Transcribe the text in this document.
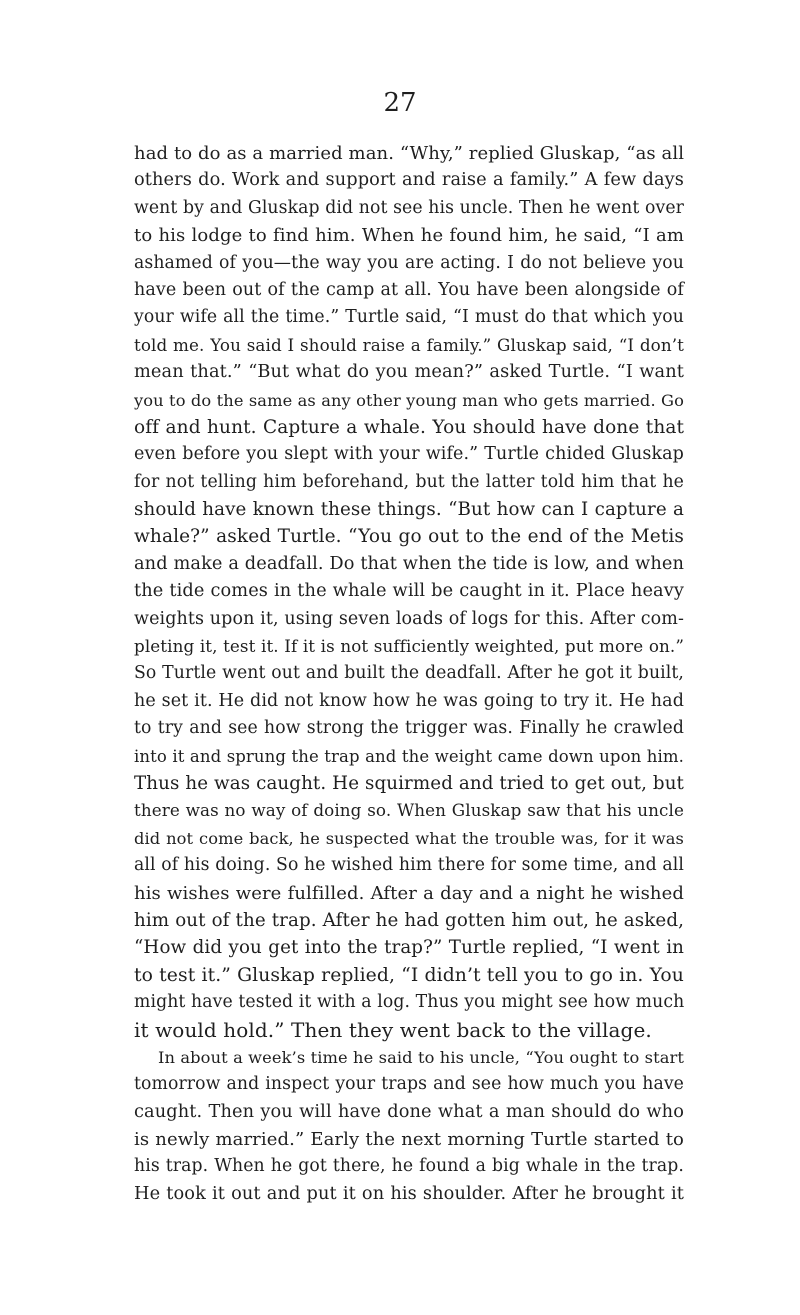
27

had to do as a married man. “Why,” replied Gluskap, “as all
others do. Work and support and raise a family.” A few days
went by and Gluskap did not see his uncle. Then he went over
to his lodge to find him. When he found him, he said, “I am
ashamed of you—the way you are acting. I do not believe you
have been out of the camp at all. You have been alongside of
your wife all the time.” Turtle said, “I must do that which you
told me. You said I should raise a family.” Gluskap said, “I don’t
mean that.” “But what do you mean?” asked Turtle. “I want
you to do the same as any other young man who gets married. Go
off and hunt. Capture a whale. You should have done that
even before you slept with your wife.” Turtle chided Gluskap
for not telling him beforehand, but the latter told him that he
should have known these things. “But how can I capture a
whale?” asked Turtle. “You go out to the end of the Metis
and make a deadfall. Do that when the tide is low, and when
the tide comes in the whale will be caught in it. Place heavy
weights upon it, using seven loads of logs for this. After com-
pleting it, test it. If it is not sufficiently weighted, put more on.”
So Turtle went out and built the deadfall. After he got it built,
he set it. He did not know how he was going to try it. He had
to try and see how strong the trigger was. Finally he crawled
into it and sprung the trap and the weight came down upon him.
Thus he was caught. He squirmed and tried to get out, but
there was no way of doing so. When Gluskap saw that his uncle
did not come back, he suspected what the trouble was, for it was
all of his doing. So he wished him there for some time, and all
his wishes were fulfilled. After a day and a night he wished
him out of the trap. After he had gotten him out, he asked,
“How did you get into the trap?” Turtle replied, “I went in
to test it.” Gluskap replied, “I didn’t tell you to go in. You
might have tested it with a log. Thus you might see how much
it would hold.” Then they went back to the village.
In about a week’s time he said to his uncle, “You ought to start
tomorrow and inspect your traps and see how much you have
caught. Then you will have done what a man should do who
is newly married.” Early the next morning Turtle started to
his trap. When he got there, he found a big whale in the trap.
He took it out and put it on his shoulder. After he brought it
